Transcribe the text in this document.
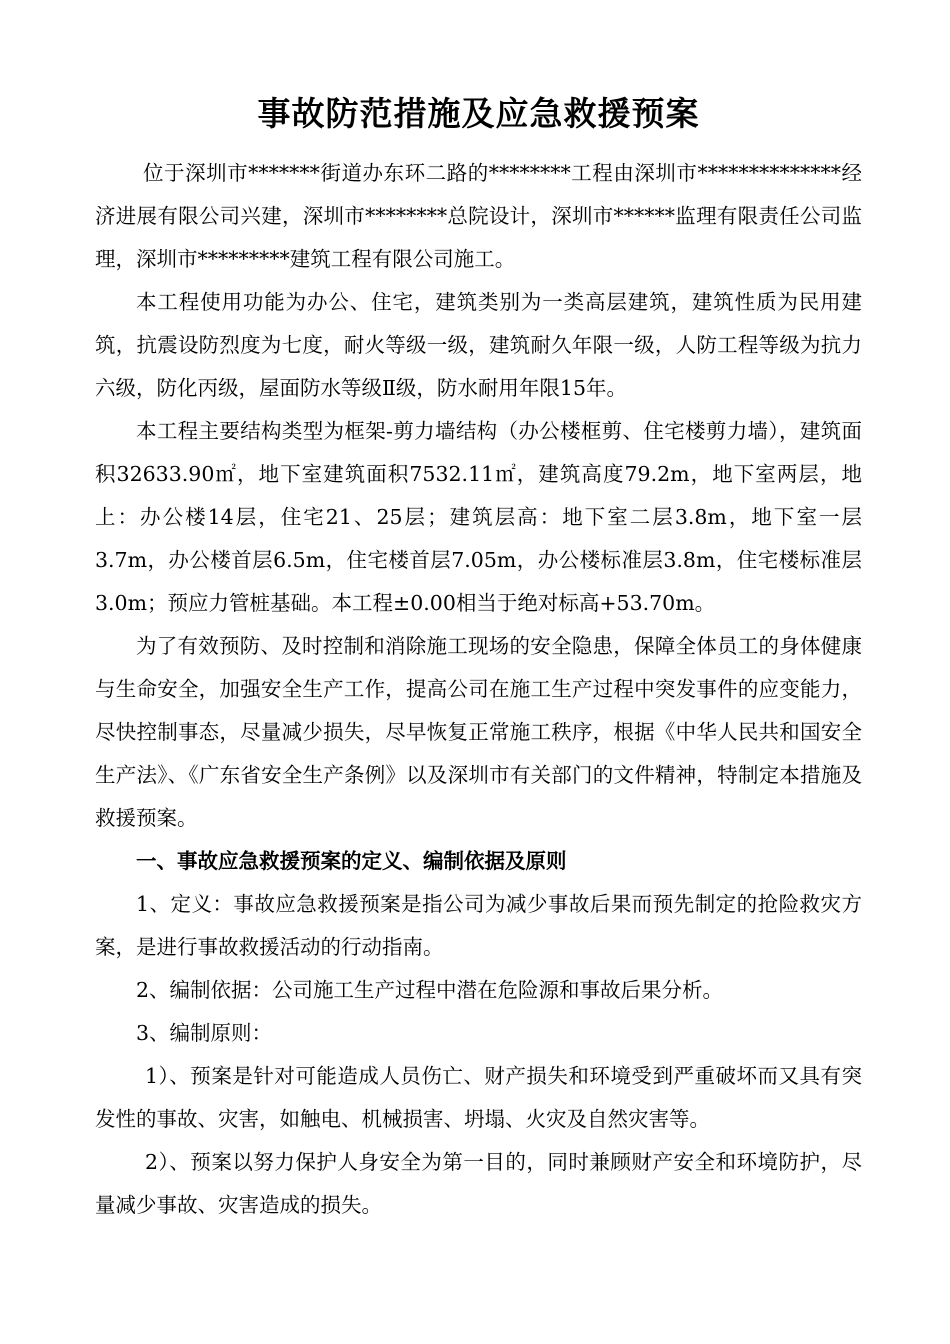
事故防范措施及应急救援预案

位于深圳市*******街道办东环二路的********工程由深圳市**************经济进展有限公司兴建，深圳市********总院设计，深圳市******监理有限责任公司监理，深圳市*********建筑工程有限公司施工。

本工程使用功能为办公、住宅，建筑类别为一类高层建筑，建筑性质为民用建筑，抗震设防烈度为七度，耐火等级一级，建筑耐久年限一级，人防工程等级为抗力六级，防化丙级，屋面防水等级Ⅱ级，防水耐用年限15年。

本工程主要结构类型为框架-剪力墙结构（办公楼框剪、住宅楼剪力墙），建筑面积32633.90㎡，地下室建筑面积7532.11㎡，建筑高度79.2m，地下室两层，地上：办公楼14层，住宅21、25层；建筑层高：地下室二层3.8m，地下室一层3.7m，办公楼首层6.5m，住宅楼首层7.05m，办公楼标准层3.8m，住宅楼标准层3.0m；预应力管桩基础。本工程±0.00相当于绝对标高+53.70m。

为了有效预防、及时控制和消除施工现场的安全隐患，保障全体员工的身体健康与生命安全，加强安全生产工作，提高公司在施工生产过程中突发事件的应变能力，尽快控制事态，尽量减少损失，尽早恢复正常施工秩序，根据《中华人民共和国安全生产法》、《广东省安全生产条例》以及深圳市有关部门的文件精神，特制定本措施及救援预案。

一、事故应急救援预案的定义、编制依据及原则

1、定义：事故应急救援预案是指公司为减少事故后果而预先制定的抢险救灾方案，是进行事故救援活动的行动指南。

2、编制依据：公司施工生产过程中潜在危险源和事故后果分析。

3、编制原则：

1）、预案是针对可能造成人员伤亡、财产损失和环境受到严重破坏而又具有突发性的事故、灾害，如触电、机械损害、坍塌、火灾及自然灾害等。

2）、预案以努力保护人身安全为第一目的，同时兼顾财产安全和环境防护，尽量减少事故、灾害造成的损失。
